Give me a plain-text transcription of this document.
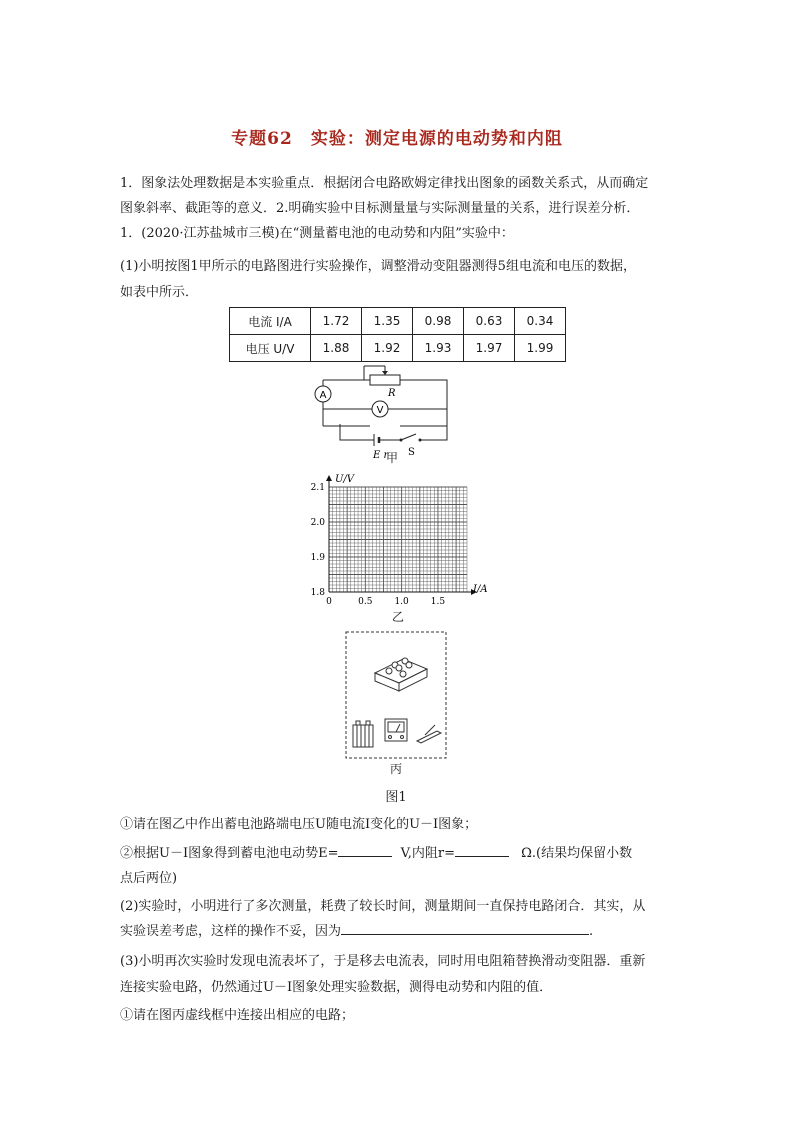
专题62　实验：测定电源的电动势和内阻
1．图象法处理数据是本实验重点．根据闭合电路欧姆定律找出图象的函数关系式，从而确定
图象斜率、截距等的意义．2.明确实验中目标测量量与实际测量量的关系，进行误差分析．
1．(2020·江苏盐城市三模)在“测量蓄电池的电动势和内阻”实验中：
(1)小明按图1甲所示的电路图进行实验操作，调整滑动变阻器测得5组电流和电压的数据，
如表中所示．
电流 I/A	1.72	1.35	0.98	0.63	0.34
电压 U/V	1.88	1.92	1.93	1.97	1.99
A
V
R
E r S
甲
0	0.5 1.0 1.5
1.8
1.9
2.0
2.1
U/V
I/A
乙
丙
图1
①请在图乙中作出蓄电池路端电压U随电流I变化的U－I图象；
②根据U－I图象得到蓄电池电动势E=	V,内阻r=	Ω.(结果均保留小数
点后两位)
(2)实验时，小明进行了多次测量，耗费了较长时间，测量期间一直保持电路闭合．其实，从
实验误差考虑，这样的操作不妥，因为	.
(3)小明再次实验时发现电流表坏了，于是移去电流表，同时用电阻箱替换滑动变阻器．重新
连接实验电路，仍然通过U－I图象处理实验数据，测得电动势和内阻的值．
①请在图丙虚线框中连接出相应的电路；
